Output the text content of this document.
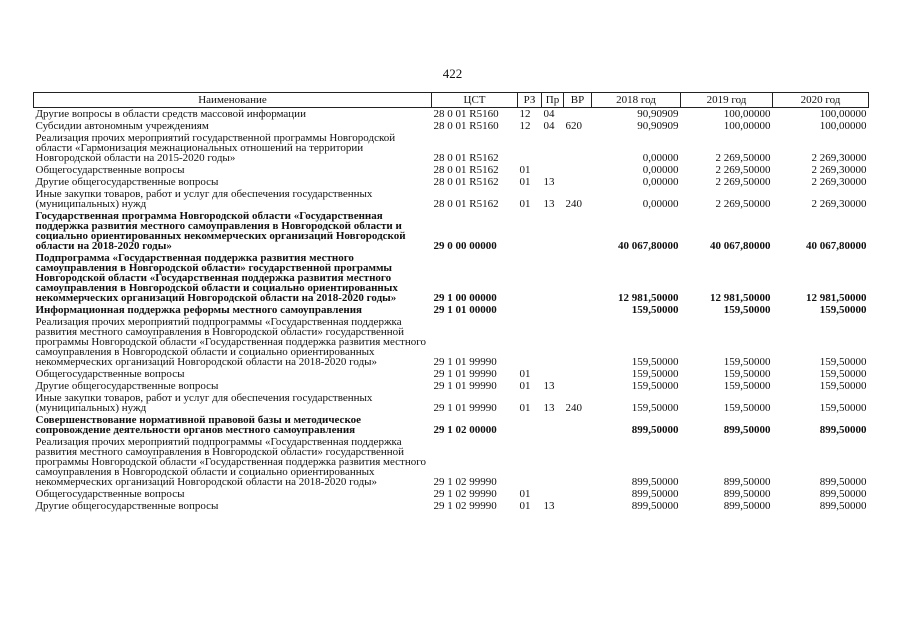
422
Наименование	ЦСТ	РЗ	Пр	ВР	2018 год	2019 год	2020 год
Другие вопросы в области средств массовой информации	28 0 01 R5160	12	04		90,90909	100,00000	100,00000
Субсидии автономным учреждениям	28 0 01 R5160	12	04	620	90,90909	100,00000	100,00000
Реализация прочих мероприятий государственной программы Новгородской области «Гармонизация межнациональных отношений на территории Новгородской области на 2015-2020 годы»	28 0 01 R5162				0,00000	2 269,50000	2 269,30000
Общегосударственные вопросы	28 0 01 R5162	01			0,00000	2 269,50000	2 269,30000
Другие общегосударственные вопросы	28 0 01 R5162	01	13		0,00000	2 269,50000	2 269,30000
Иные закупки товаров, работ и услуг для обеспечения государственных (муниципальных) нужд	28 0 01 R5162	01	13	240	0,00000	2 269,50000	2 269,30000
Государственная программа Новгородской области «Государственная поддержка развития местного самоуправления в Новгородской области и социально ориентированных некоммерческих организаций Новгородской области на 2018-2020 годы»	29 0 00 00000				40 067,80000	40 067,80000	40 067,80000
Подпрограмма «Государственная поддержка развития местного самоуправления в Новгородской области» государственной программы Новгородской области «Государственная поддержка развития местного самоуправления в Новгородской области и социально ориентированных некоммерческих организаций Новгородской области на 2018-2020 годы»	29 1 00 00000				12 981,50000	12 981,50000	12 981,50000
Информационная поддержка реформы местного самоуправления	29 1 01 00000				159,50000	159,50000	159,50000
Реализация прочих мероприятий подпрограммы «Государственная поддержка развития местного самоуправления в Новгородской области» государственной программы Новгородской области «Государственная поддержка развития местного самоуправления в Новгородской области и социально ориентированных некоммерческих организаций Новгородской области на 2018-2020 годы»	29 1 01 99990				159,50000	159,50000	159,50000
Общегосударственные вопросы	29 1 01 99990	01			159,50000	159,50000	159,50000
Другие общегосударственные вопросы	29 1 01 99990	01	13		159,50000	159,50000	159,50000
Иные закупки товаров, работ и услуг для обеспечения государственных (муниципальных) нужд	29 1 01 99990	01	13	240	159,50000	159,50000	159,50000
Совершенствование нормативной правовой базы и методическое сопровождение деятельности органов местного самоуправления	29 1 02 00000				899,50000	899,50000	899,50000
Реализация прочих мероприятий подпрограммы «Государственная поддержка развития местного самоуправления в Новгородской области» государственной программы Новгородской области «Государственная поддержка развития местного самоуправления в Новгородской области и социально ориентированных некоммерческих организаций Новгородской области на 2018-2020 годы»	29 1 02 99990				899,50000	899,50000	899,50000
Общегосударственные вопросы	29 1 02 99990	01			899,50000	899,50000	899,50000
Другие общегосударственные вопросы	29 1 02 99990	01	13		899,50000	899,50000	899,50000
